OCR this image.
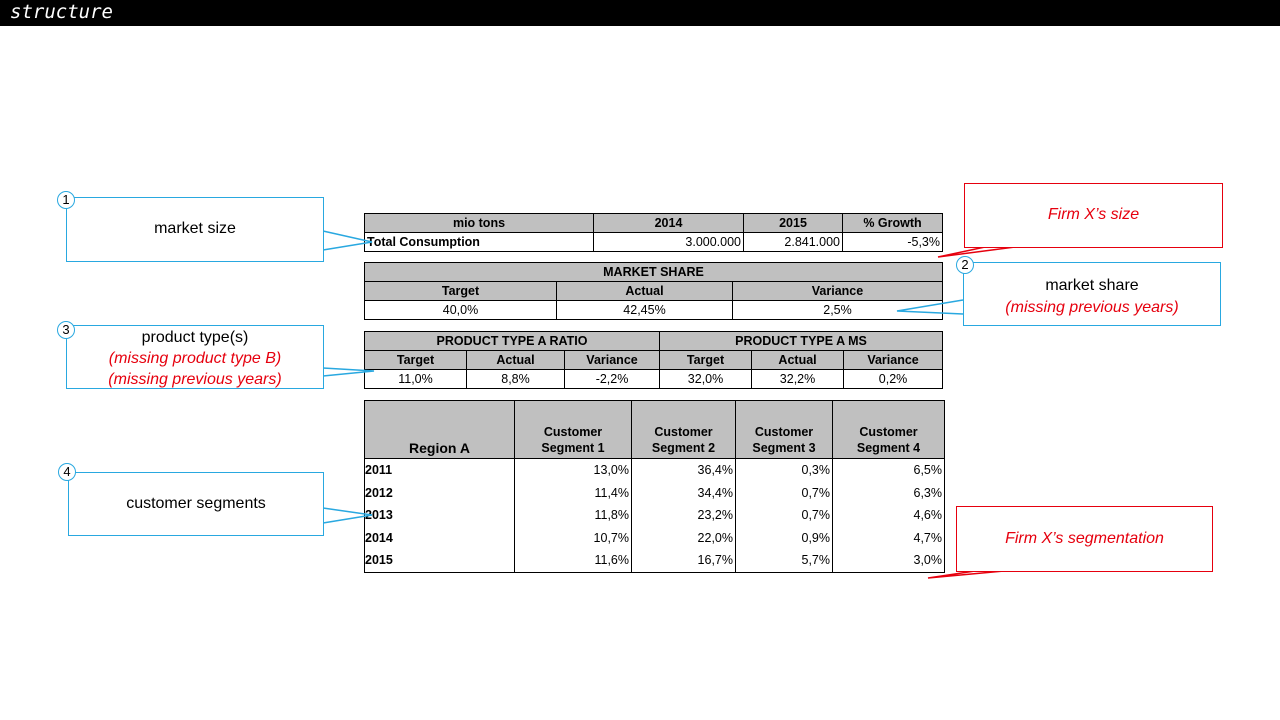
structure
mio tons	2014	2015	% Growth
Total Consumption	3.000.000	2.841.000	-5,3%
MARKET SHARE		
Target	Actual	Variance
40,0%	42,45%	2,5%
PRODUCT TYPE A RATIO			PRODUCT TYPE A MS		
Target	Actual	Variance	Target	Actual	Variance
11,0%	8,8%	-2,2%	32,0%	32,2%	0,2%
Region A	Customer Segment 1	Customer Segment 2	Customer Segment 3	Customer Segment 4
2011	13,0%	36,4%	0,3%	6,5%
2012	11,4%	34,4%	0,7%	6,3%
2013	11,8%	23,2%	0,7%	4,6%
2014	10,7%	22,0%	0,9%	4,7%
2015	11,6%	16,7%	5,7%	3,0%
market size
1
market share
(missing previous years)
2
product type(s)
(missing product type B)
(missing previous years)
3
customer segments
4
Firm X’s size
Firm X’s segmentation
